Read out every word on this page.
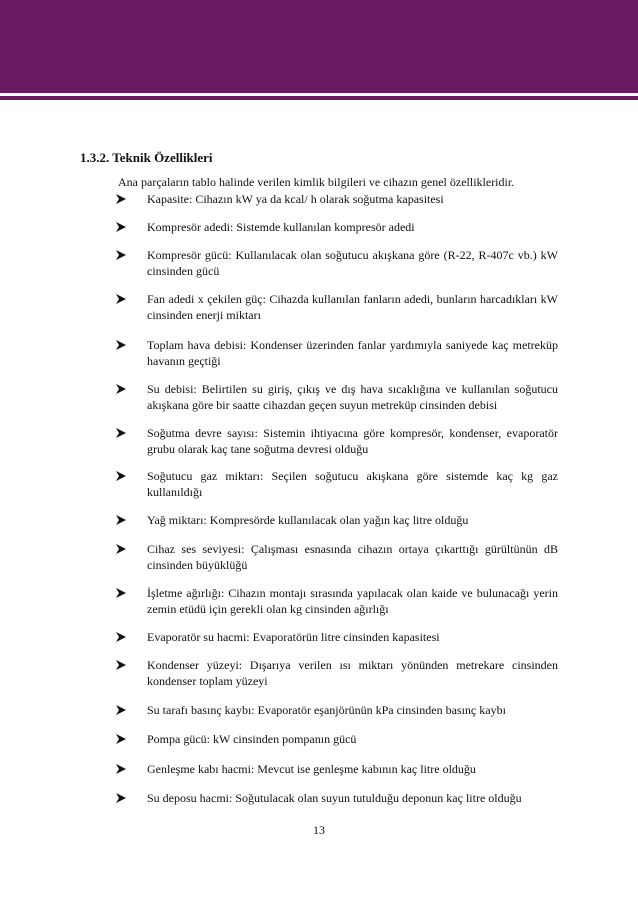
1.3.2. Teknik Özellikleri

Ana parçaların tablo halinde verilen kimlik bilgileri ve cihazın genel özellikleridir.

Kapasite: Cihazın kW ya da kcal/ h olarak soğutma kapasitesi

Kompresör adedi: Sistemde kullanılan kompresör adedi

Kompresör gücü: Kullanılacak olan soğutucu akışkana göre (R-22, R-407c vb.) kW cinsinden gücü

Fan adedi x çekilen güç: Cihazda kullanılan fanların adedi, bunların harcadıkları kW cinsinden enerji miktarı

Toplam hava debisi: Kondenser üzerinden fanlar yardımıyla saniyede kaç metreküp havanın geçtiği

Su debisi: Belirtilen su giriş, çıkış ve dış hava sıcaklığına ve kullanılan soğutucu akışkana göre bir saatte cihazdan geçen suyun metreküp cinsinden debisi

Soğutma devre sayısı: Sistemin ihtiyacına göre kompresör, kondenser, evaporatör grubu olarak kaç tane soğutma devresi olduğu

Soğutucu gaz miktarı: Seçilen soğutucu akışkana göre sistemde kaç kg gaz kullanıldığı

Yağ miktarı: Kompresörde kullanılacak olan yağın kaç litre olduğu

Cihaz ses seviyesi: Çalışması esnasında cihazın ortaya çıkarttığı gürültünün dB cinsinden büyüklüğü

İşletme ağırlığı: Cihazın montajı sırasında yapılacak olan kaide ve bulunacağı yerin zemin etüdü için gerekli olan kg cinsinden ağırlığı

Evaporatör su hacmi: Evaporatörün litre cinsinden kapasitesi

Kondenser yüzeyi: Dışarıya verilen ısı miktarı yönünden metrekare cinsinden kondenser toplam yüzeyi

Su tarafı basınç kaybı: Evaporatör eşanjörünün kPa cinsinden basınç kaybı

Pompa gücü: kW cinsinden pompanın gücü

Genleşme kabı hacmi: Mevcut ise genleşme kabının kaç litre olduğu

Su deposu hacmi: Soğutulacak olan suyun tutulduğu deponun kaç litre olduğu

13
